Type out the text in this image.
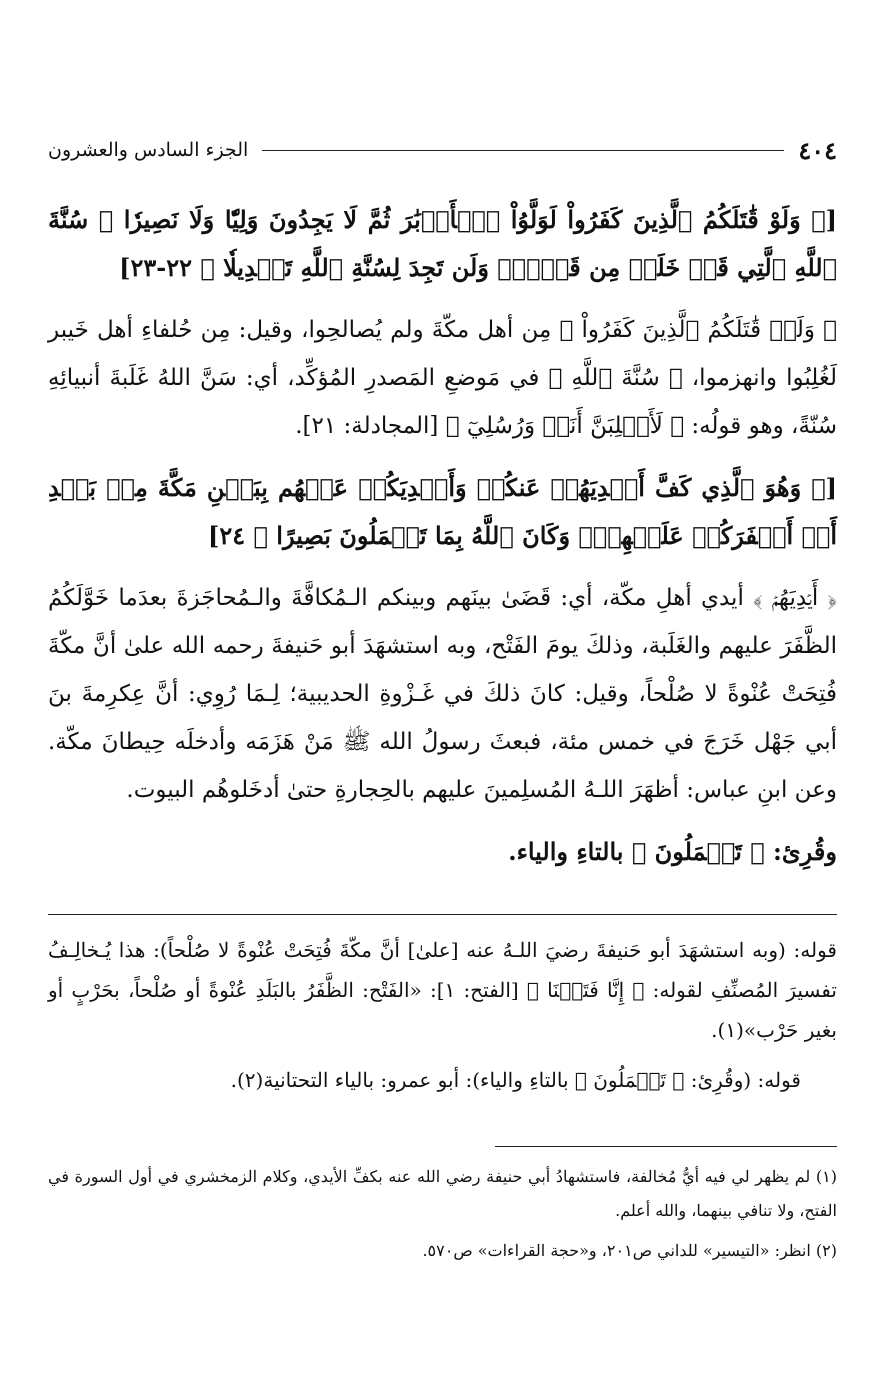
٤٠٤
الجزء السادس والعشرون

[﴿ وَلَوْ قَٰتَلَكُمُ ٱلَّذِينَ كَفَرُواْ لَوَلَّوُاْ ٱلۡأَدۡبَٰرَ ثُمَّ لَا يَجِدُونَ وَلِيّٗا وَلَا نَصِيرٗا ۞ سُنَّةَ ٱللَّهِ ٱلَّتِي قَدۡ خَلَتۡ مِن قَبۡلُۖ وَلَن تَجِدَ لِسُنَّةِ ٱللَّهِ تَبۡدِيلٗا ﴾ ٢٢-٢٣]

﴿ وَلَوۡ قَٰتَلَكُمُ ٱلَّذِينَ كَفَرُواْ ﴾ مِن أهل مكّةَ ولم يُصالحِوا، وقيل: مِن حُلفاءِ أهل خَيبر لَغُلِبُوا وانهزموا، ﴿ سُنَّةَ ٱللَّهِ ﴾ في مَوضعِ المَصدرِ المُؤكِّد، أي: سَنَّ اللهُ غَلَبةَ أنبيائِهِ سُنّةً، وهو قولُه: ﴿ لَأَغۡلِبَنَّ أَنَا۠ وَرُسُلِيٓ ﴾ [المجادلة: ٢١].

[﴿ وَهُوَ ٱلَّذِي كَفَّ أَيۡدِيَهُمۡ عَنكُمۡ وَأَيۡدِيَكُمۡ عَنۡهُم بِبَطۡنِ مَكَّةَ مِنۢ بَعۡدِ أَنۡ أَظۡفَرَكُمۡ عَلَيۡهِمۡۚ وَكَانَ ٱللَّهُ بِمَا تَعۡمَلُونَ بَصِيرًا ﴾ ٢٤]

﴿ أَيۡدِيَهُمۡ ﴾ أيدي أهلِ مكّة، أي: قَضَىٰ بينَهم وبينكم الـمُكافَّةَ والـمُحاجَزةَ بعدَما خَوَّلَكُمُ الظَّفَرَ عليهم والغَلَبة، وذلكَ يومَ الفَتْح، وبه استشهَدَ أبو حَنيفةَ رحمه الله علىٰ أنَّ مكّةَ فُتِحَتْ عُنْوةً لا صُلْحاً، وقيل: كانَ ذلكَ في غَـزْوةِ الحديبية؛ لِـمَا رُوِي: أنَّ عِكرِمةَ بنَ أبي جَهْل خَرَجَ في خمس مئة، فبعثَ رسولُ الله ﷺ مَنْ هَزَمَه وأدخلَه حِيطانَ مكّة. وعن ابنِ عباس: أظهَرَ اللـهُ المُسلِمينَ عليهم بالحِجارةِ حتىٰ أدخَلوهُم البيوت.

وقُرِئ: ﴿ تَعۡمَلُونَ ﴾ بالتاءِ والياء.

قوله: (وبه استشهَدَ أبو حَنيفةَ رضيَ اللـهُ عنه [علىٰ] أنَّ مكّةَ فُتِحَتْ عُنْوةً لا صُلْحاً): هذا يُـخالِـفُ تفسيرَ المُصنِّفِ لقوله: ﴿ إِنَّا فَتَحۡنَا ﴾ [الفتح: ١]: «الفَتْح: الظَّفَرُ بالبَلَدِ عُنْوةً أو صُلْحاً، بحَرْبٍ أو بغير حَرْب»(١).

قوله: (وقُرِئ: ﴿ تَعۡمَلُونَ ﴾ بالتاءِ والياء): أبو عمرو: بالياء التحتانية(٢).

(١) لم يظهر لي فيه أيُّ مُخالفة، فاستشهادُ أبي حنيفة رضي الله عنه بكفِّ الأيدي، وكلام الزمخشري في أول السورة في الفتح، ولا تنافي بينهما، والله أعلم.

(٢) انظر: «التيسير» للداني ص٢٠١، و«حجة القراءات» ص٥٧٠.
